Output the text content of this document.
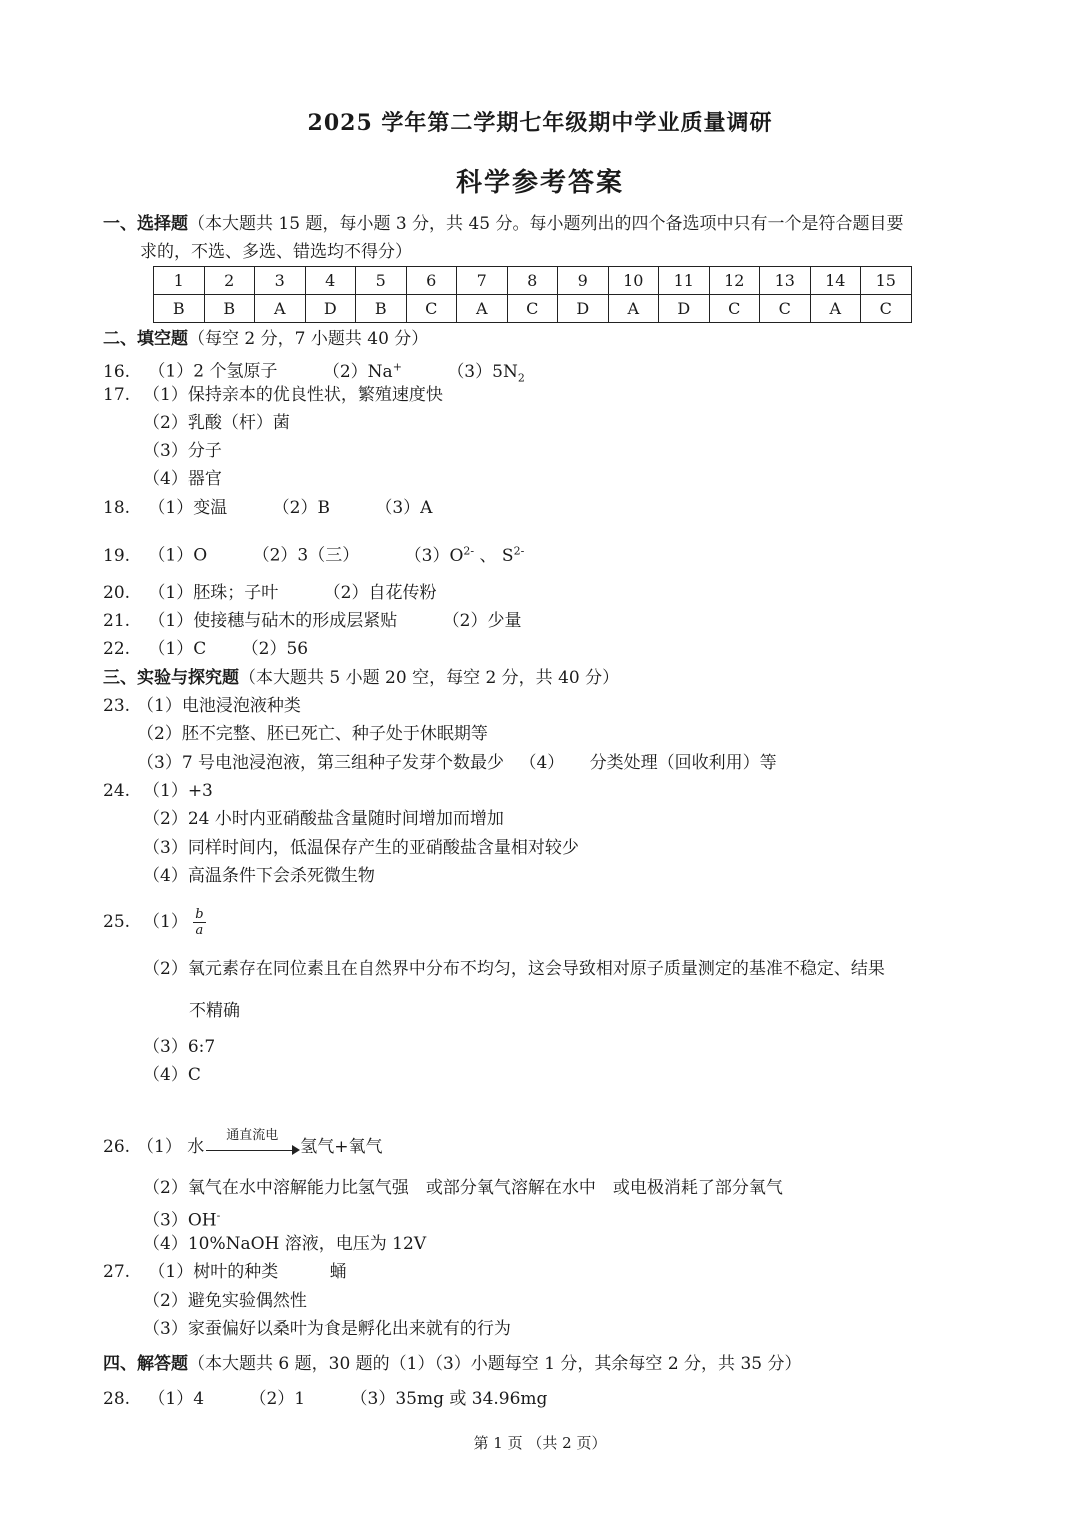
2025 学年第二学期七年级期中学业质量调研
科学参考答案
一、选择题（本大题共 15 题，每小题 3 分，共 45 分。每小题列出的四个备选项中只有一个是符合题目要
求的，不选、多选、错选均不得分）
1	2	3	4	5	6	7	8	9	10	11	12	13	14	15
B	B	A	D	B	C	A	C	D	A	D	C	C	A	C
二、填空题（每空 2 分，7 小题共 40 分）
16. （1）2 个氢原子	（2）Na+	$(3)5N_2$
17. （1）保持亲本的优良性状，繁殖速度快
（2）乳酸（杆）菌
（3）分子
（4）器官
18. （1）变温	（2）B	（3）A
19. （1）O	（2）3（三）	$(3)O^{2-}$ 、 $S^{2-}$
20. （1）胚珠；子叶	（2）自花传粉
21. （1）使接穗与砧木的形成层紧贴	（2）少量
22. （1）C （2）56
三、实验与探究题（本大题共 5 小题 20 空，每空 2 分，共 40 分）
23. （1）电池浸泡液种类
（2）胚不完整、胚已死亡、种子处于休眠期等
（3）7 号电池浸泡液，第三组种子发芽个数最少 （4） 分类处理（回收利用）等
24. （1）+3
（2）24 小时内亚硝酸盐含量随时间增加而增加
（3）同样时间内，低温保存产生的亚硝酸盐含量相对较少
（4）高温条件下会杀死微生物
25. $(1) \frac{b}{a}$
（2）氧元素存在同位素且在自然界中分布不均匀，这会导致相对原子质量测定的基准不稳定、结果
不精确
（3）6:7
（4）C
26. （1） 水
通直流电
氢气+氧气
（2）氧气在水中溶解能力比氢气强　或部分氧气溶解在水中　或电极消耗了部分氧气
（3）OH-
（4）10%NaOH 溶液，电压为 12V
27. （1）树叶的种类	蛹
（2）避免实验偶然性
（3）家蚕偏好以桑叶为食是孵化出来就有的行为
四、解答题（本大题共 6 题，30 题的（1）（3）小题每空 1 分，其余每空 2 分，共 35 分）
28. （1）4	（2）1	（3）35mg 或 34.96mg
第 1 页 （共 2 页）
